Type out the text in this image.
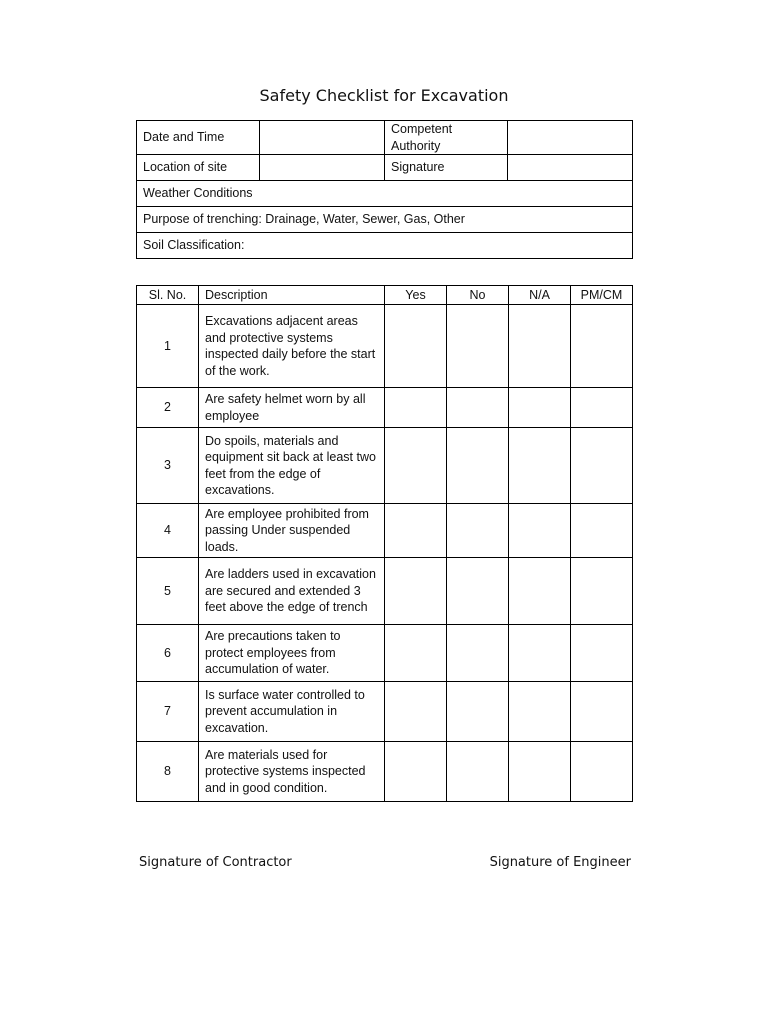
Safety Checklist for Excavation
Date and Time		Competent Authority	
Location of site		Signature	
Weather Conditions			
Purpose of trenching: Drainage, Water, Sewer, Gas, Other			
Soil Classification:			
Sl. No.	Description	Yes	No	N/A	PM/CM
1	Excavations adjacent areas and protective systems inspected daily before the start of the work.				
2	Are safety helmet worn by all employee				
3	Do spoils, materials and equipment sit back at least two feet from the edge of excavations.				
4	Are employee prohibited from passing Under suspended loads.				
5	Are ladders used in excavation are secured and extended 3 feet above the edge of trench				
6	Are precautions taken to protect employees from accumulation of water.				
7	Is surface water controlled to prevent accumulation in excavation.				
8	Are materials used for protective systems inspected and in good condition.				
Signature of Contractor	Signature of Engineer
